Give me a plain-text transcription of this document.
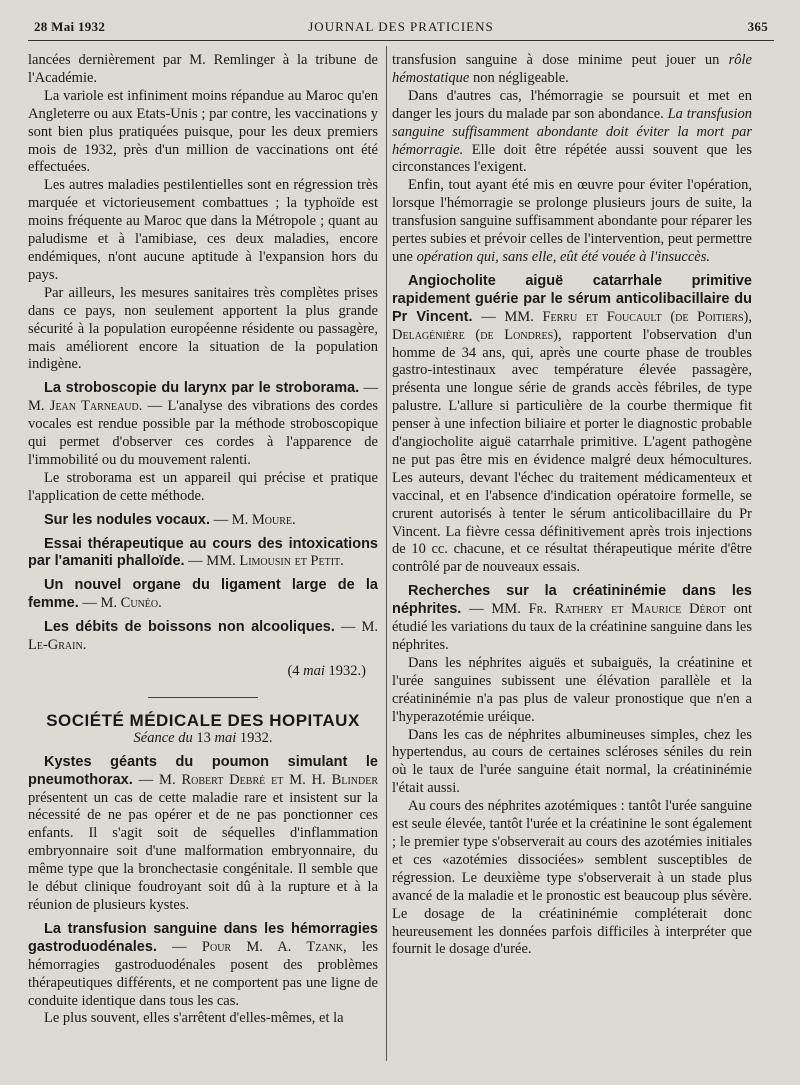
28 Mai 1932	JOURNAL DES PRATICIENS	365

lancées dernièrement par M. Remlinger à la tribune de l'Académie.

La variole est infiniment moins répandue au Maroc qu'en Angleterre ou aux Etats-Unis ; par contre, les vaccinations y sont bien plus pratiquées puisque, pour les deux premiers mois de 1932, près d'un million de vaccinations ont été effectuées.

Les autres maladies pestilentielles sont en régression très marquée et victorieusement combattues ; la typhoïde est moins fréquente au Maroc que dans la Métropole ; quant au paludisme et à l'amibiase, ces deux maladies, encore endémiques, n'ont aucune aptitude à l'expansion hors du pays.

Par ailleurs, les mesures sanitaires très complètes prises dans ce pays, non seulement apportent la plus grande sécurité à la population européenne résidente ou passagère, mais améliorent encore la situation de la population indigène.

La stroboscopie du larynx par le stroborama. — M. Jean Tarneaud. — L'analyse des vibrations des cordes vocales est rendue possible par la méthode stroboscopique qui permet d'observer ces cordes à l'apparence de l'immobilité ou du mouvement ralenti.

Le stroborama est un appareil qui précise et pratique l'application de cette méthode.

Sur les nodules vocaux. — M. Moure.

Essai thérapeutique au cours des intoxications par l'amaniti phalloïde. — MM. Limousin et Petit.

Un nouvel organe du ligament large de la femme. — M. Cunéo.

Les débits de boissons non alcooliques. — M. Le-Grain.

(4 mai 1932.)

SOCIÉTÉ MÉDICALE DES HOPITAUX

Séance du 13 mai 1932.

Kystes géants du poumon simulant le pneumothorax. — M. Robert Debré et M. H. Blinder présentent un cas de cette maladie rare et insistent sur la nécessité de ne pas opérer et de ne pas ponctionner ces enfants. Il s'agit soit de séquelles d'inflammation embryonnaire soit d'une malformation embryonnaire, du même type que la bronchectasie congénitale. Il semble que le début clinique foudroyant soit dû à la rupture et à la réunion de plusieurs kystes.

La transfusion sanguine dans les hémorragies gastroduodénales. — Pour M. A. Tzank, les hémorragies gastroduodénales posent des problèmes thérapeutiques différents, et ne comportent pas une ligne de conduite identique dans tous les cas.

Le plus souvent, elles s'arrêtent d'elles-mêmes, et la

transfusion sanguine à dose minime peut jouer un rôle hémostatique non négligeable.

Dans d'autres cas, l'hémorragie se poursuit et met en danger les jours du malade par son abondance. La transfusion sanguine suffisamment abondante doit éviter la mort par hémorragie. Elle doit être répétée aussi souvent que les circonstances l'exigent.

Enfin, tout ayant été mis en œuvre pour éviter l'opération, lorsque l'hémorragie se prolonge plusieurs jours de suite, la transfusion sanguine suffisamment abondante pour réparer les pertes subies et prévoir celles de l'intervention, peut permettre une opération qui, sans elle, eût été vouée à l'insuccès.

Angiocholite aiguë catarrhale primitive rapidement guérie par le sérum anticolibacillaire du Pr Vincent. — MM. Ferru et Foucault (de Poitiers), Delagénière (de Londres), rapportent l'observation d'un homme de 34 ans, qui, après une courte phase de troubles gastro-intestinaux avec température élevée passagère, présenta une longue série de grands accès fébriles, de type palustre. L'allure si particulière de la courbe thermique fit penser à une infection biliaire et porter le diagnostic probable d'angiocholite aiguë catarrhale primitive. L'agent pathogène ne put pas être mis en évidence malgré deux hémocultures. Les auteurs, devant l'échec du traitement médicamenteux et vaccinal, et en l'absence d'indication opératoire formelle, se crurent autorisés à tenter le sérum anticolibacillaire du Pr Vincent. La fièvre cessa définitivement après trois injections de 10 cc. chacune, et ce résultat thérapeutique mérite d'être contrôlé par de nouveaux essais.

Recherches sur la créatininémie dans les néphrites. — MM. Fr. Rathery et Maurice Dérot ont étudié les variations du taux de la créatinine sanguine dans les néphrites.

Dans les néphrites aiguës et subaiguës, la créatinine et l'urée sanguines subissent une élévation parallèle et la créatininémie n'a pas plus de valeur pronostique que n'en a l'hyperazotémie uréique.

Dans les cas de néphrites albumineuses simples, chez les hypertendus, au cours de certaines scléroses séniles du rein où le taux de l'urée sanguine était normal, la créatininémie l'était aussi.

Au cours des néphrites azotémiques : tantôt l'urée sanguine est seule élevée, tantôt l'urée et la créatinine le sont également ; le premier type s'observerait au cours des azotémies initiales et ces «azotémies dissociées» semblent susceptibles de régression. Le deuxième type s'observerait à un stade plus avancé de la maladie et le pronostic est beaucoup plus sévère. Le dosage de la créatininémie compléterait donc heureusement les données parfois difficiles à interpréter que fournit le dosage d'urée.
